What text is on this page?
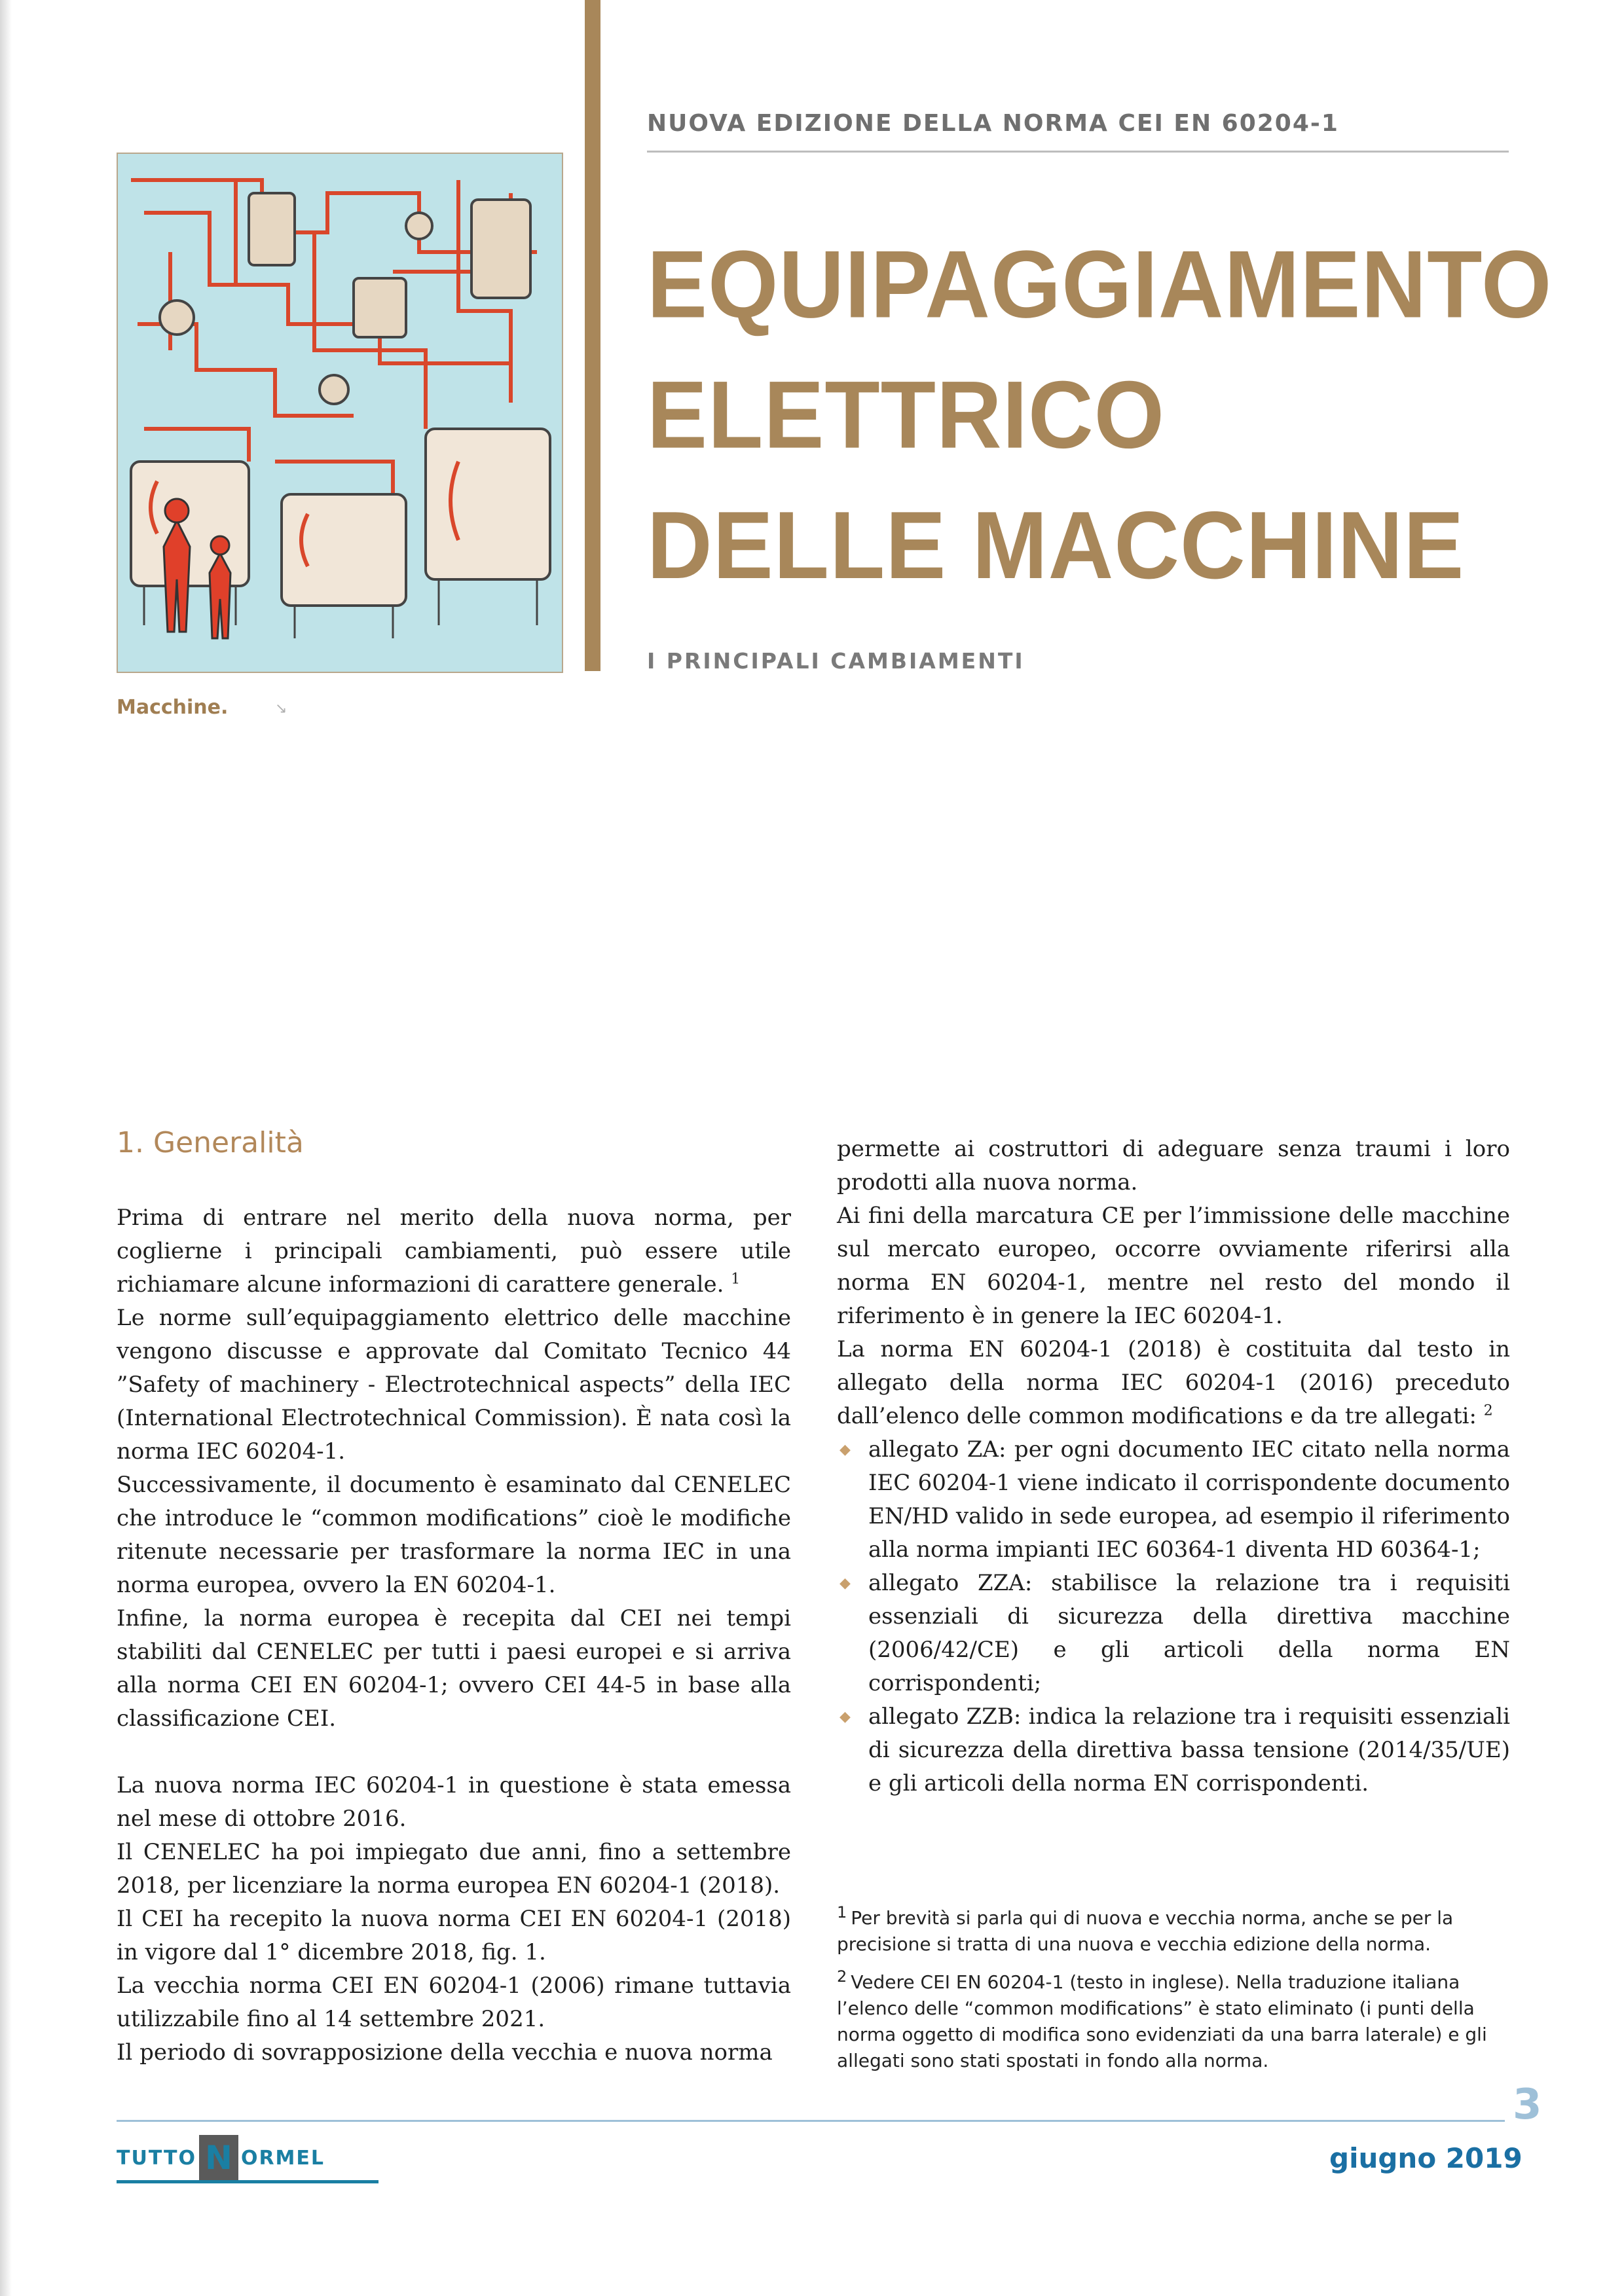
NUOVA EDIZIONE DELLA NORMA CEI EN 60204-1
EQUIPAGGIAMENTO
ELETTRICO
DELLE MACCHINE
I PRINCIPALI CAMBIAMENTI
Macchine.	↘
1. Generalità

Prima di entrare nel merito della nuova norma, per coglierne i principali cambiamenti, può essere utile richiamare alcune informazioni di carattere generale. $^1$

Le norme sull’equipaggiamento elettrico delle macchine vengono discusse e approvate dal Comitato Tecnico 44 ”Safety of machinery - Electrotechnical aspects” della IEC (International Electrotechnical Commission). È nata così la norma IEC 60204-1.

Successivamente, il documento è esaminato dal CENELEC che introduce le “common modifications” cioè le modifiche ritenute necessarie per trasformare la norma IEC in una norma europea, ovvero la EN 60204-1.

Infine, la norma europea è recepita dal CEI nei tempi stabiliti dal CENELEC per tutti i paesi europei e si arriva alla norma CEI EN 60204-1; ovvero CEI 44-5 in base alla classificazione CEI.

La nuova norma IEC 60204-1 in questione è stata emessa nel mese di ottobre 2016.

Il CENELEC ha poi impiegato due anni, fino a settembre 2018, per licenziare la norma europea EN 60204-1 (2018).

Il CEI ha recepito la nuova norma CEI EN 60204-1 (2018) in vigore dal 1° dicembre 2018, fig. 1.

La vecchia norma CEI EN 60204-1 (2006) rimane tuttavia utilizzabile fino al 14 settembre 2021.

Il periodo di sovrapposizione della vecchia e nuova norma

permette ai costruttori di adeguare senza traumi i loro prodotti alla nuova norma.

Ai fini della marcatura CE per l’immissione delle macchine sul mercato europeo, occorre ovviamente riferirsi alla norma EN 60204-1, mentre nel resto del mondo il riferimento è in genere la IEC 60204-1.

La norma EN 60204-1 (2018) è costituita dal testo in allegato della norma IEC 60204-1 (2016) preceduto dall’elenco delle common modifications e da tre allegati: $^2$

◆ allegato ZA: per ogni documento IEC citato nella norma IEC 60204-1 viene indicato il corrispondente documento EN/HD valido in sede europea, ad esempio il riferimento alla norma impianti IEC 60364-1 diventa HD 60364-1;
◆ allegato ZZA: stabilisce la relazione tra i requisiti essenziali di sicurezza della direttiva macchine (2006/42/CE) e gli articoli della norma EN corrispondenti;
◆ allegato ZZB: indica la relazione tra i requisiti essenziali di sicurezza della direttiva bassa tensione (2014/35/UE) e gli articoli della norma EN corrispondenti.

1 Per brevità si parla qui di nuova e vecchia norma, anche se per la precisione si tratta di una nuova e vecchia edizione della norma.

2 Vedere CEI EN 60204-1 (testo in inglese). Nella traduzione italiana l’elenco delle “common modifications” è stato eliminato (i punti della norma oggetto di modifica sono evidenziati da una barra laterale) e gli allegati sono stati spostati in fondo alla norma.

3
TUTTO N ORMEL	giugno 2019
